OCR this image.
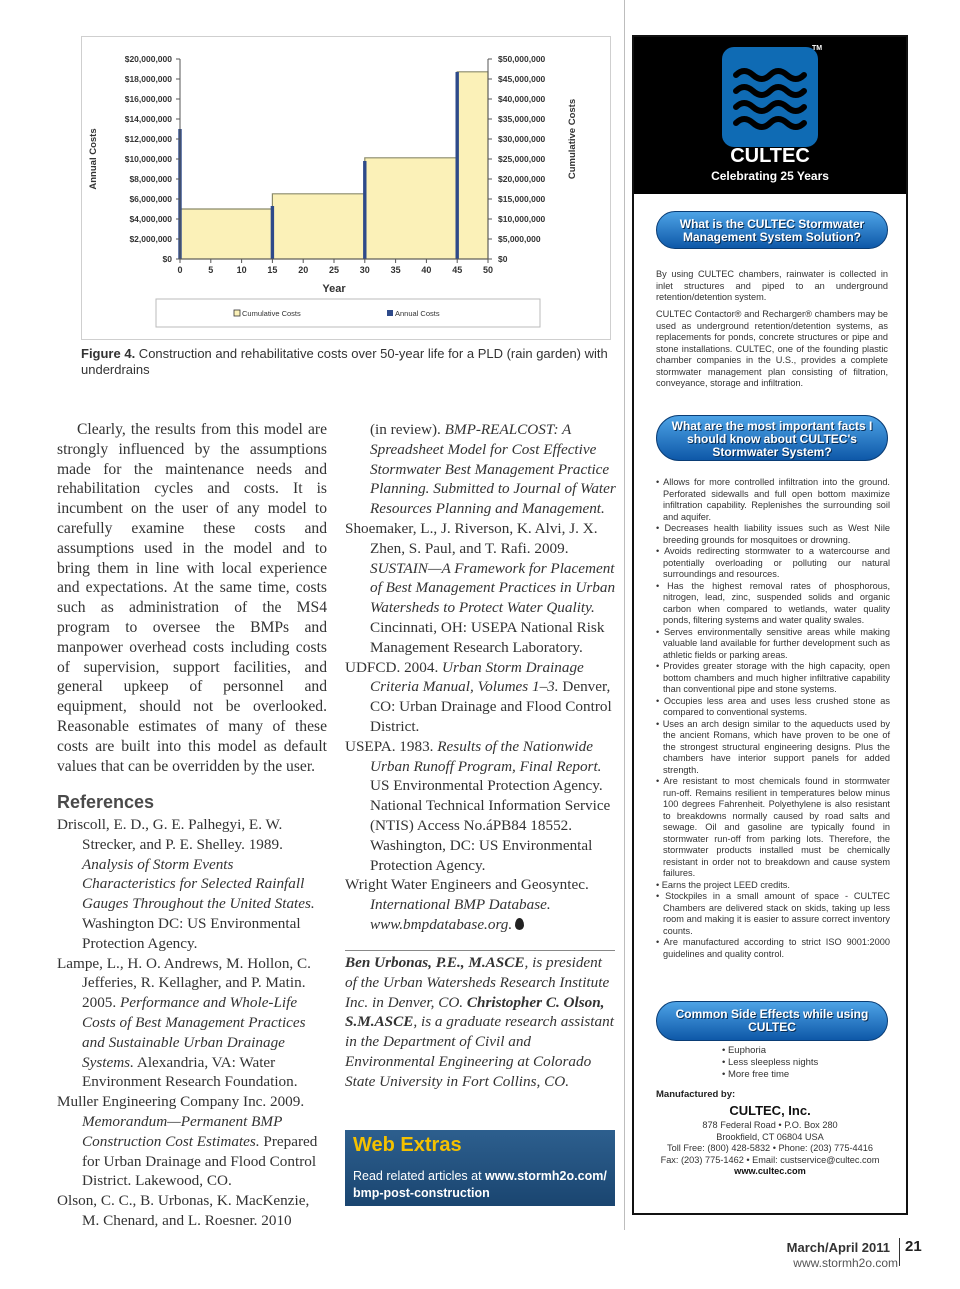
$0
$2,000,000
$4,000,000
$6,000,000
$8,000,000
$10,000,000
$12,000,000
$14,000,000
$16,000,000
$18,000,000
$20,000,000
$0
$5,000,000
$10,000,000
$15,000,000
$20,000,000
$25,000,000
$30,000,000
$35,000,000
$40,000,000
$45,000,000
$50,000,000
0	5	10 15 20 25 30 35 40 45 50
Year
Annual Costs	Cumulative Costs
Cumulative Costs	Annual Costs
Figure 4. Construction and rehabilitative costs over 50-year life for a PLD (rain garden) with underdrains

Clearly, the results from this model are strongly influenced by the assumptions made for the maintenance needs and rehabilitation cycles and costs. It is incumbent on the user of any model to carefully examine these costs and assumptions used in the model and to bring them in line with local experience and expectations. At the same time, costs such as administration of the MS4 program to oversee the BMPs and manpower overhead costs including costs of supervision, support facilities, and general upkeep of personnel and equipment, should not be overlooked. Reasonable estimates of many of these costs are built into this model as default values that can be overridden by the user.

References
Driscoll, E. D., G. E. Palhegyi, E. W. Strecker, and P. E. Shelley. 1989. Analysis of Storm Events Characteristics for Selected Rainfall Gauges Throughout the United States. Washington DC: US Environmental Protection Agency.
Lampe, L., H. O. Andrews, M. Hollon, C. Jefferies, R. Kellagher, and P. Matin. 2005. Performance and Whole-Life Costs of Best Management Practices and Sustainable Urban Drainage Systems. Alexandria, VA: Water Environment Research Foundation.
Muller Engineering Company Inc. 2009. Memorandum—Permanent BMP Construction Cost Estimates. Prepared for Urban Drainage and Flood Control District. Lakewood, CO.
Olson, C. C., B. Urbonas, K. MacKenzie, M. Chenard, and L. Roesner. 2010
(in review). BMP-REALCOST: A Spreadsheet Model for Cost Effective Stormwater Best Management Practice Planning. Submitted to Journal of Water Resources Planning and Management.
Shoemaker, L., J. Riverson, K. Alvi, J. X. Zhen, S. Paul, and T. Rafi. 2009. SUSTAIN—A Framework for Placement of Best Management Practices in Urban Watersheds to Protect Water Quality. Cincinnati, OH: USEPA National Risk Management Research Laboratory.
UDFCD. 2004. Urban Storm Drainage Criteria Manual, Volumes 1–3. Denver, CO: Urban Drainage and Flood Control District.
USEPA. 1983. Results of the Nationwide Urban Runoff Program, Final Report. US Environmental Protection Agency. National Technical Information Service (NTIS) Access No.áPB84 18552. Washington, DC: US Environmental Protection Agency.
Wright Water Engineers and Geosyntec. International BMP Database. www.bmpdatabase.org.
Ben Urbonas, P.E., M.ASCE, is president of the Urban Watersheds Research Institute Inc. in Denver, CO. Christopher C. Olson, S.M.ASCE, is a graduate research assistant in the Department of Civil and Environmental Engineering at Colorado State University in Fort Collins, CO.
Web Extras
Read related articles at www.stormh2o.com/ bmp-post-construction
March/April 2011 21
www.stormh2o.com
TM
CULTEC
Celebrating 25 Years
What is the CULTEC Stormwater Management System Solution?
By using CULTEC chambers, rainwater is collected in inlet structures and piped to an underground retention/detention system.
CULTEC Contactor® and Recharger® chambers may be used as underground retention/detention systems, as replacements for ponds, concrete structures or pipe and stone installations. CULTEC, one of the founding plastic chamber companies in the U.S., provides a complete stormwater management plan consisting of filtration, conveyance, storage and infiltration.
What are the most important facts I should know about CULTEC's Stormwater System?
• Allows for more controlled infiltration into the ground. Perforated sidewalls and full open bottom maximize infiltration capability. Replenishes the surrounding soil and aquifer.
• Decreases health liability issues such as West Nile breeding grounds for mosquitoes or drowning.
• Avoids redirecting stormwater to a watercourse and potentially overloading or polluting our natural surroundings and resources.
• Has the highest removal rates of phosphorous, nitrogen, lead, zinc, suspended solids and organic carbon when compared to wetlands, water quality ponds, filtering systems and water quality swales.
• Serves environmentally sensitive areas while making valuable land available for further development such as athletic fields or parking areas.
• Provides greater storage with the high capacity, open bottom chambers and much higher infiltrative capability than conventional pipe and stone systems.
• Occupies less area and uses less crushed stone as compared to conventional systems.
• Uses an arch design similar to the aqueducts used by the ancient Romans, which have proven to be one of the strongest structural engineering designs. Plus the chambers have interior support panels for added strength.
• Are resistant to most chemicals found in stormwater run-off. Remains resilient in temperatures below minus 100 degrees Fahrenheit. Polyethylene is also resistant to breakdowns normally caused by road salts and sewage. Oil and gasoline are typically found in stormwater run-off from parking lots. Therefore, the stormwater products installed must be chemically resistant in order not to breakdown and cause system failures.
• Earns the project LEED credits.
• Stockpiles in a small amount of space - CULTEC Chambers are delivered stack on skids, taking up less room and making it is easier to assure correct inventory counts.
• Are manufactured according to strict ISO 9001:2000 guidelines and quality control.
Common Side Effects while using CULTEC
• Euphoria
• Less sleepless nights
• More free time
Manufactured by:
CULTEC, Inc.
878 Federal Road • P.O. Box 280
Brookfield, CT 06804 USA
Toll Free: (800) 428-5832 • Phone: (203) 775-4416
Fax: (203) 775-1462 • Email: custservice@cultec.com
www.cultec.com
